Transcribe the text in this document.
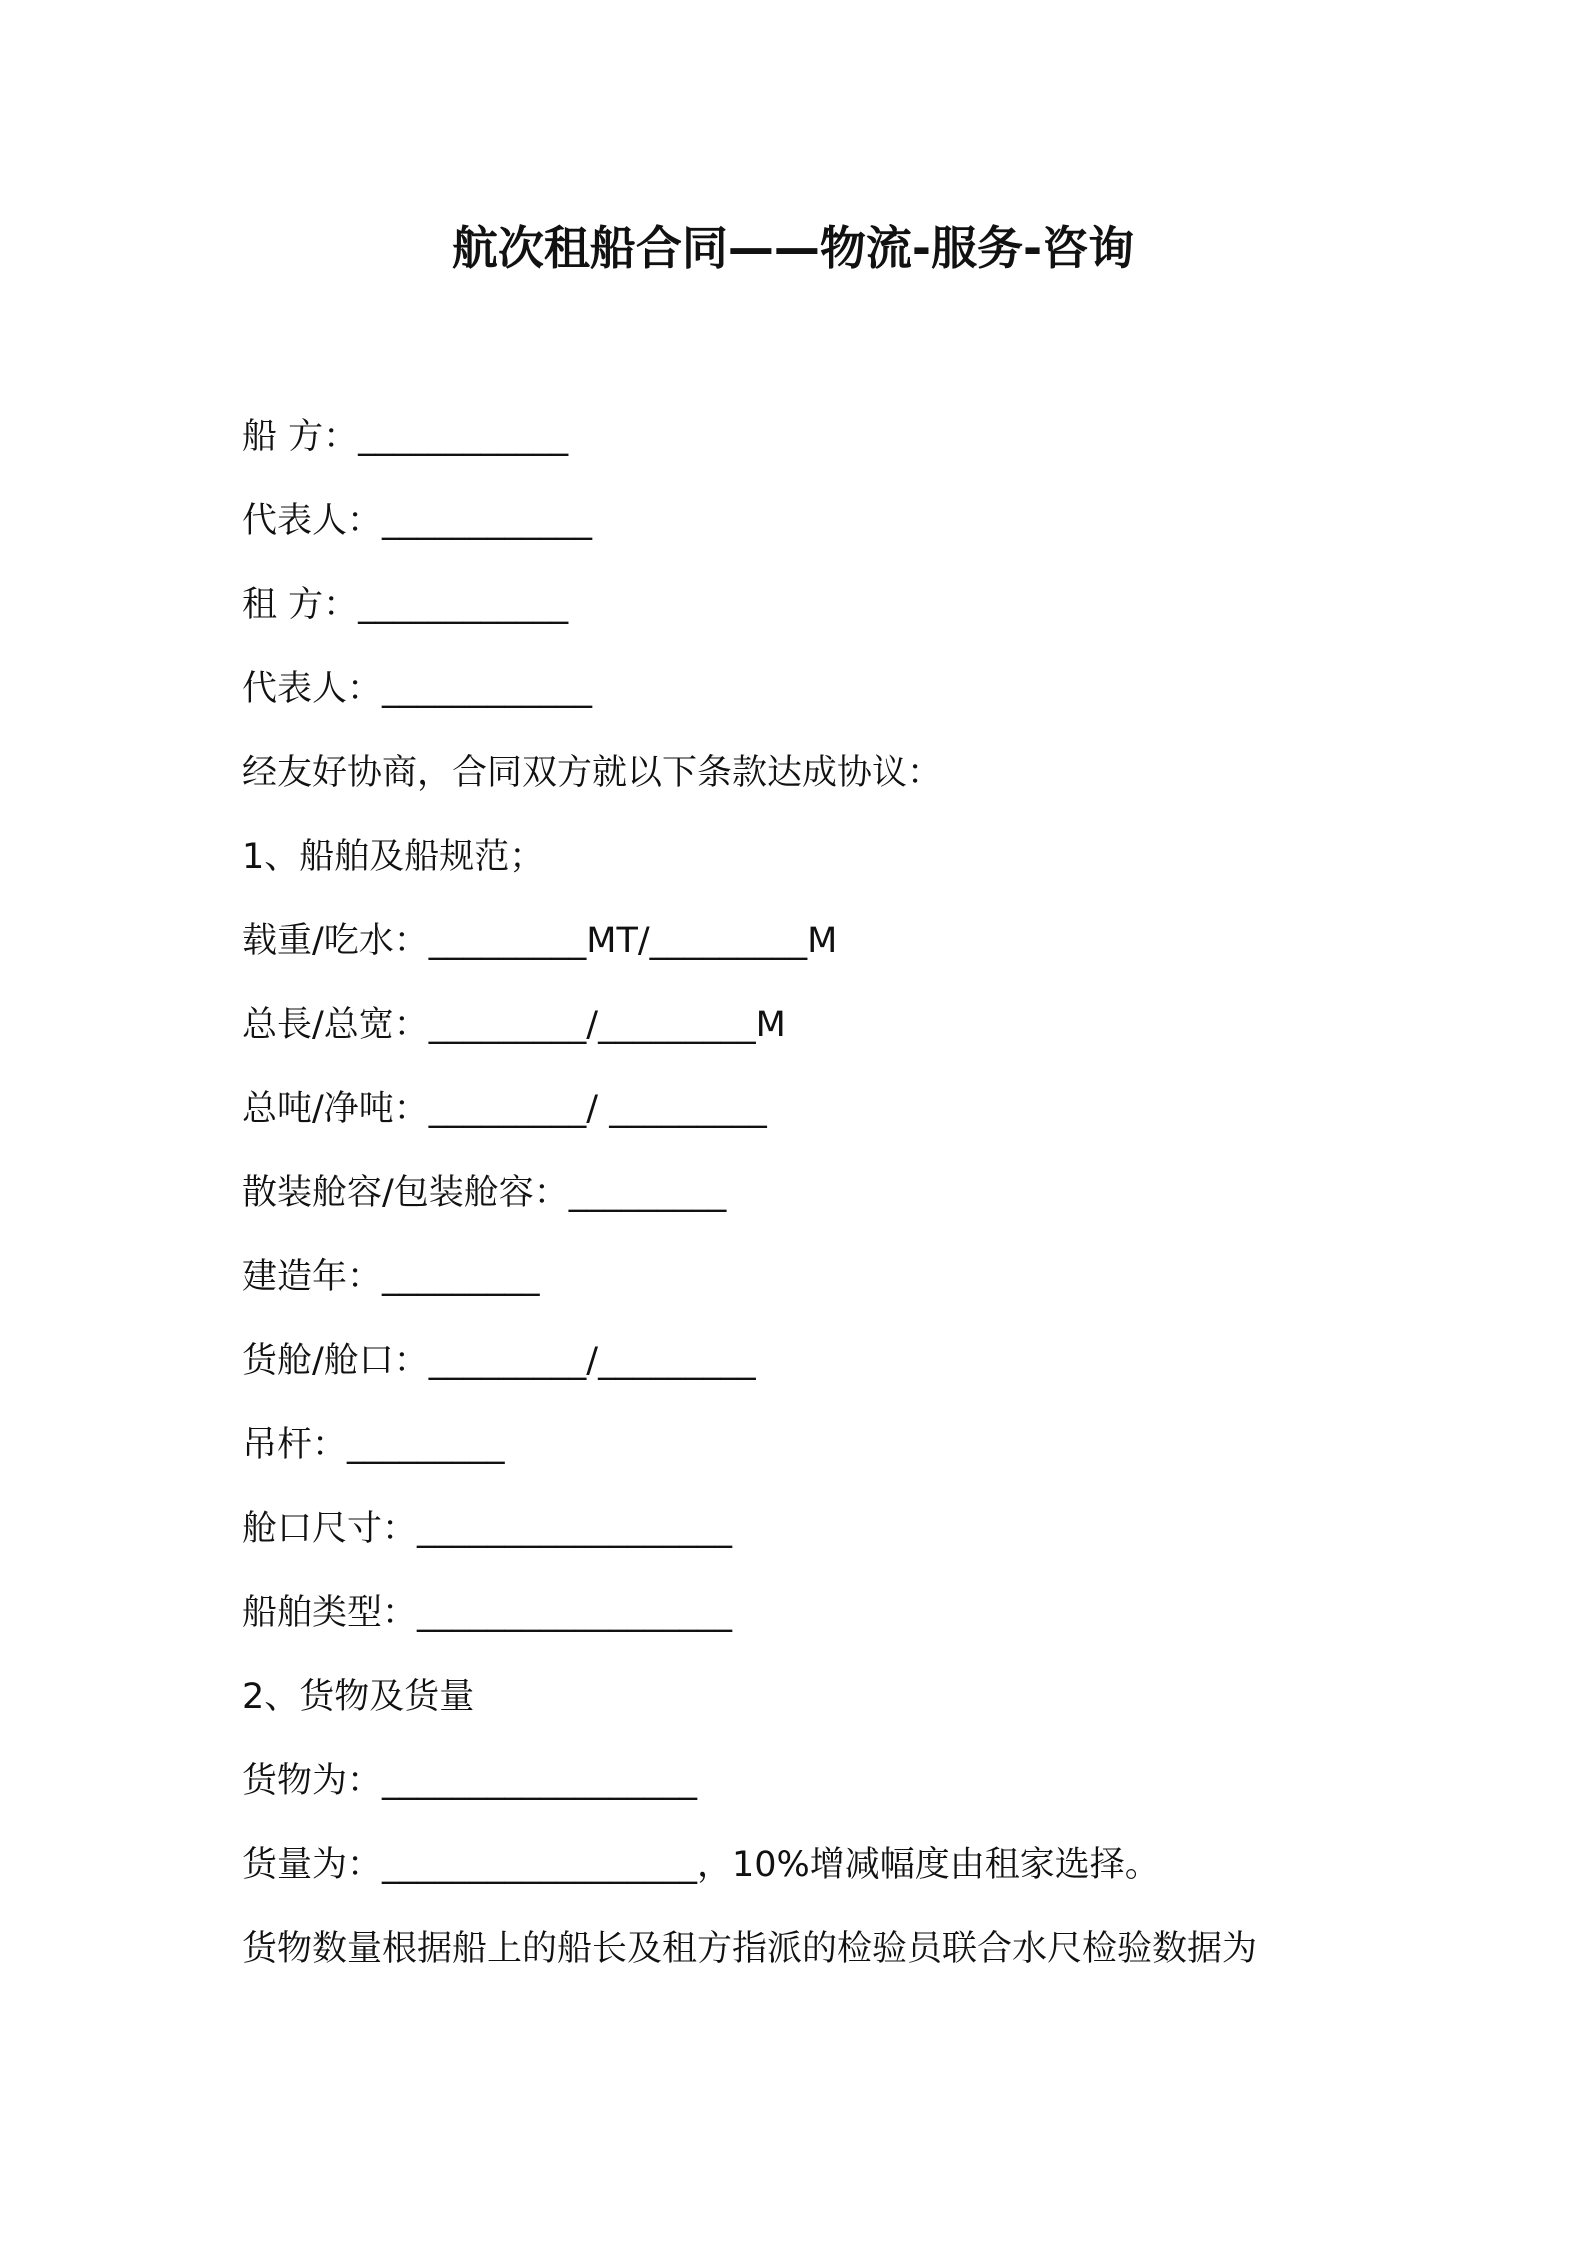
航次租船合同——物流-服务-咨询
船 方：____________
代表人：____________
租 方：____________
代表人：____________
经友好协商，合同双方就以下条款达成协议：
1、船舶及船规范；
载重/吃水：_________MT/_________M
总長/总宽：_________/_________M
总吨/净吨：_________/ _________
散装舱容/包装舱容：_________
建造年：_________
货舱/舱口：_________/_________
吊杆：_________
舱口尺寸：__________________
船舶类型：__________________
2、货物及货量
货物为：__________________
货量为：__________________，10%增减幅度由租家选择。
货物数量根据船上的船长及租方指派的检验员联合水尺检验数据为
